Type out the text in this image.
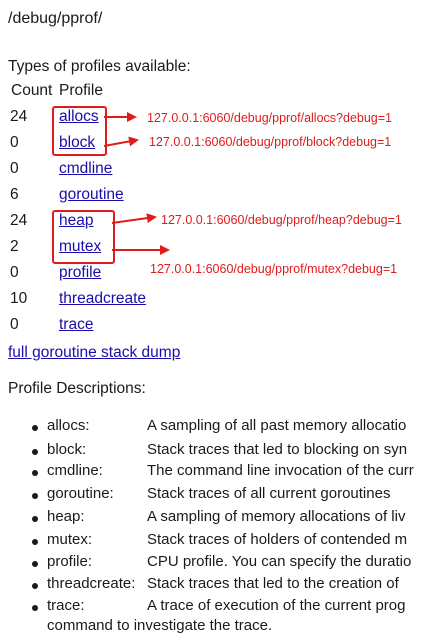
/debug/pprof/
Types of profiles available:
Count Profile
24 allocs
0	block
0	cmdline
6	goroutine
24 heap
2	mutex
0	profile
10 threadcreate
0	trace
full goroutine stack dump
Profile Descriptions:
allocs:	A sampling of all past memory allocatio
block:	Stack traces that led to blocking on syn
cmdline:	The command line invocation of the curr
goroutine: Stack traces of all current goroutines
heap:	A sampling of memory allocations of liv
mutex:	Stack traces of holders of contended m
profile:	CPU profile. You can specify the duratio
threadcreate: Stack traces that led to the creation of
trace:	A trace of execution of the current prog
command to investigate the trace.
127.0.0.1:6060/debug/pprof/allocs?debug=1
127.0.0.1:6060/debug/pprof/block?debug=1
127.0.0.1:6060/debug/pprof/heap?debug=1
127.0.0.1:6060/debug/pprof/mutex?debug=1
